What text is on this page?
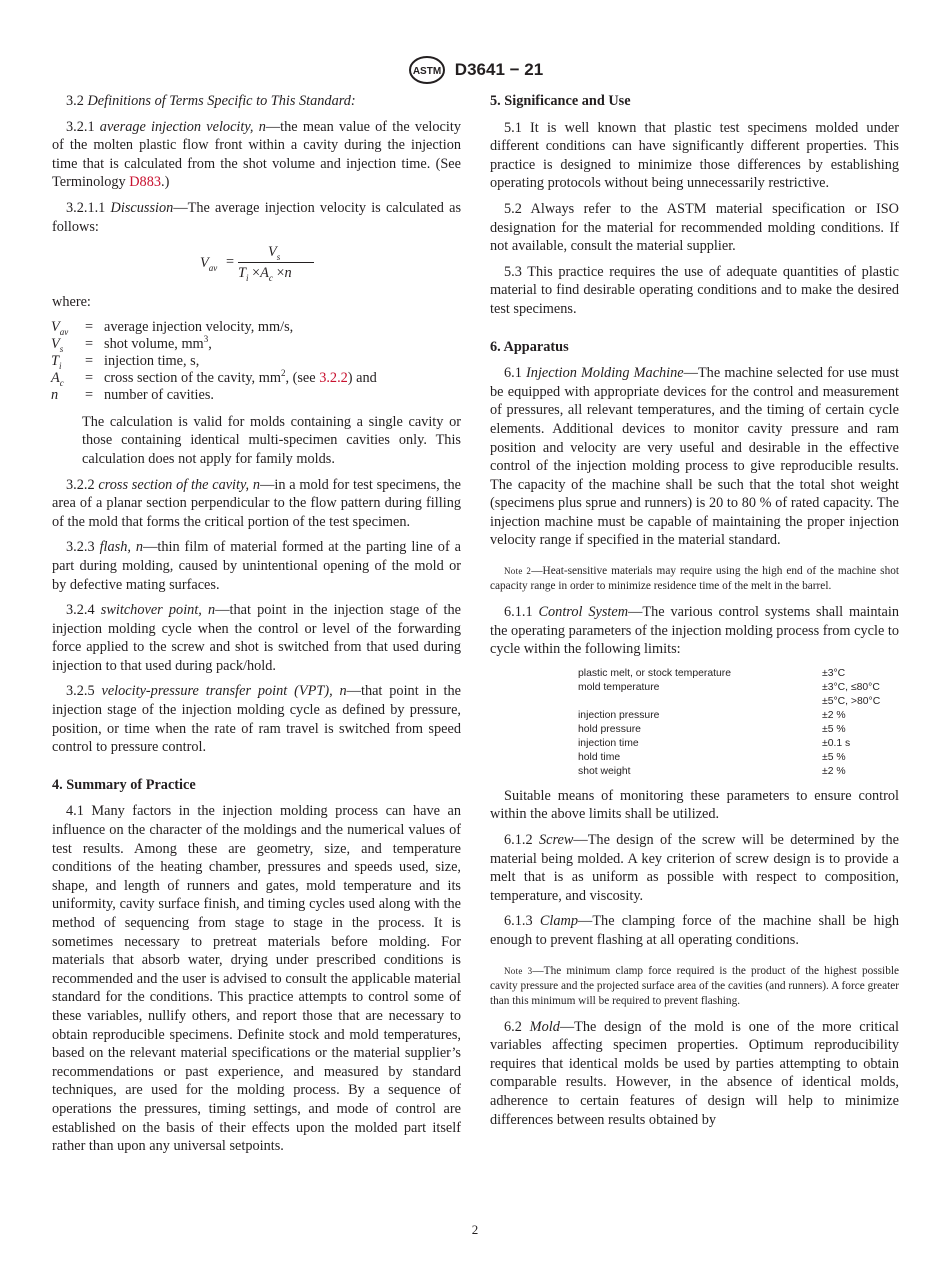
ASTM D3641 − 21

3.2 Definitions of Terms Specific to This Standard:

3.2.1 average injection velocity, n—the mean value of the velocity of the molten plastic flow front within a cavity during the injection time that is calculated from the shot volume and injection time. (See Terminology D883.)

3.2.1.1 Discussion—The average injection velocity is calculated as follows:

$V_{av}$ =
$V_s$
$T_i \times A_c \times n$

where:

$V_{av}$	=	average injection velocity, mm/s,
$V_s$	=	shot volume, $mm^3$,
$T_i$	=	injection time, s,
$A_c$	=	cross section of the cavity, $mm^2$, (see 3.2.2) and
n	=	number of cavities.

The calculation is valid for molds containing a single cavity or those containing identical multi-specimen cavities only. This calculation does not apply for family molds.

3.2.2 cross section of the cavity, n—in a mold for test specimens, the area of a planar section perpendicular to the flow pattern during filling of the mold that forms the critical portion of the test specimen.

3.2.3 flash, n—thin film of material formed at the parting line of a part during molding, caused by unintentional opening of the mold or by defective mating surfaces.

3.2.4 switchover point, n—that point in the injection stage of the injection molding cycle when the control or level of the forwarding force applied to the screw and shot is switched from that used during injection to that used during pack/hold.

3.2.5 velocity-pressure transfer point (VPT), n—that point in the injection stage of the injection molding cycle as defined by pressure, position, or time when the rate of ram travel is switched from speed control to pressure control.

4. Summary of Practice

4.1 Many factors in the injection molding process can have an influence on the character of the moldings and the numerical values of test results. Among these are geometry, size, and temperature conditions of the heating chamber, pressures and speeds used, size, shape, and length of runners and gates, mold temperature and its uniformity, cavity surface finish, and timing cycles used along with the method of sequencing from stage to stage in the process. It is sometimes necessary to pretreat materials before molding. For materials that absorb water, drying under prescribed conditions is recommended and the user is advised to consult the applicable material standard for the conditions. This practice attempts to control some of these variables, nullify others, and report those that are necessary to obtain reproducible specimens. Definite stock and mold temperatures, based on the relevant material specifications or the material supplier’s recommendations or past experience, and measured by standard techniques, are used for the molding process. By a sequence of operations the pressures, timing settings, and mode of control are established on the basis of their effects upon the molded part itself rather than upon any universal setpoints.

5. Significance and Use

5.1 It is well known that plastic test specimens molded under different conditions can have significantly different properties. This practice is designed to minimize those differences by establishing operating protocols without being unnecessarily restrictive.

5.2 Always refer to the ASTM material specification or ISO designation for the material for recommended molding conditions. If not available, consult the material supplier.

5.3 This practice requires the use of adequate quantities of plastic material to find desirable operating conditions and to make the desired test specimens.

6. Apparatus

6.1 Injection Molding Machine—The machine selected for use must be equipped with appropriate devices for the control and measurement of pressures, all relevant temperatures, and the timing of certain cycle elements. Additional devices to monitor cavity pressure and ram position and velocity are very useful and desirable in the effective control of the injection molding process to give reproducible results. The capacity of the machine shall be such that the total shot weight (specimens plus sprue and runners) is 20 to 80 % of rated capacity. The injection machine must be capable of maintaining the proper injection velocity range if specified in the material standard.

Note 2—Heat-sensitive materials may require using the high end of the machine shot capacity range in order to minimize residence time of the melt in the barrel.

6.1.1 Control System—The various control systems shall maintain the operating parameters of the injection molding process from cycle to cycle within the following limits:

plastic melt, or stock temperature	±3°C
mold temperature	±3°C, ≤80°C
±5°C, >80°C
injection pressure	±2 %
hold pressure	±5 %
injection time	±0.1 s
hold time	±5 %
shot weight	±2 %

Suitable means of monitoring these parameters to ensure control within the above limits shall be utilized.

6.1.2 Screw—The design of the screw will be determined by the material being molded. A key criterion of screw design is to provide a melt that is as uniform as possible with respect to composition, temperature, and viscosity.

6.1.3 Clamp—The clamping force of the machine shall be high enough to prevent flashing at all operating conditions.

Note 3—The minimum clamp force required is the product of the highest possible cavity pressure and the projected surface area of the cavities (and runners). A force greater than this minimum will be required to prevent flashing.

6.2 Mold—The design of the mold is one of the more critical variables affecting specimen properties. Optimum reproducibility requires that identical molds be used by parties attempting to obtain comparable results. However, in the absence of identical molds, adherence to certain features of design will help to minimize differences between results obtained by

2
